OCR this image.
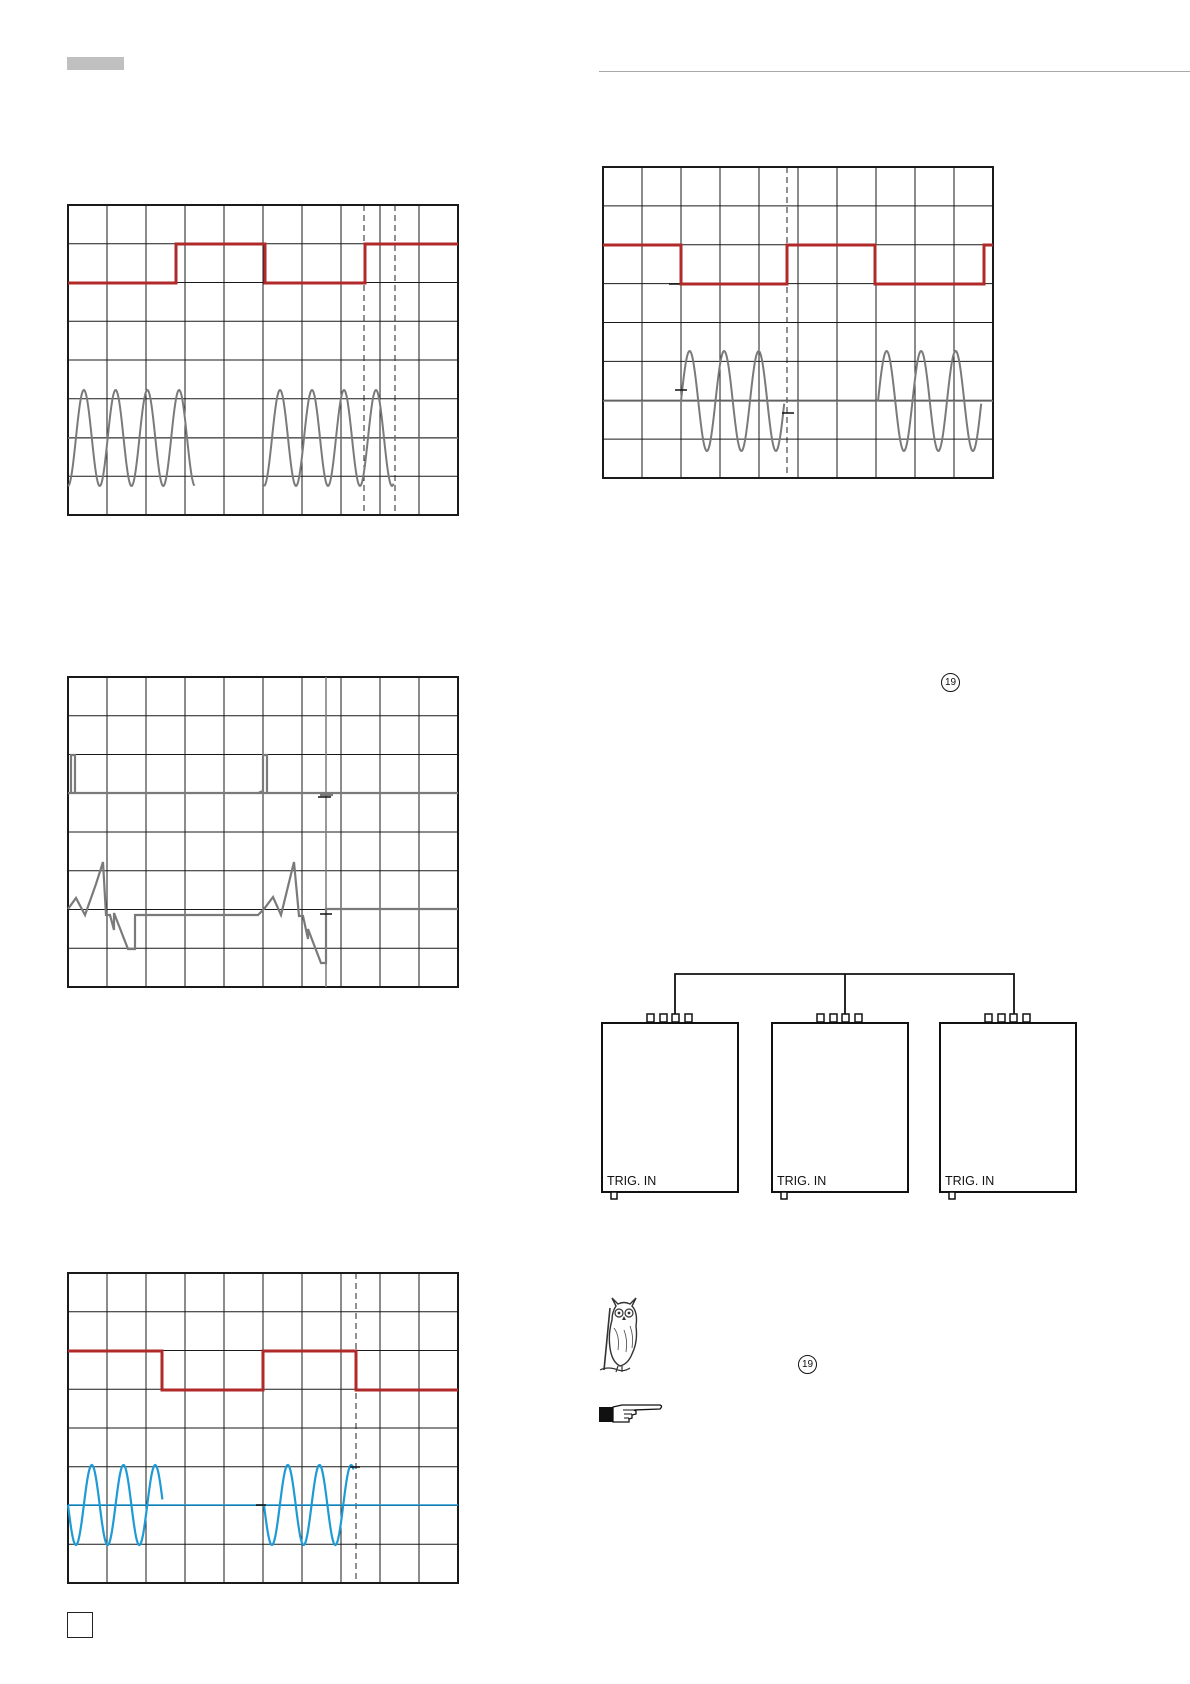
19
19
TRIG. IN	TRIG. IN	TRIG. IN
